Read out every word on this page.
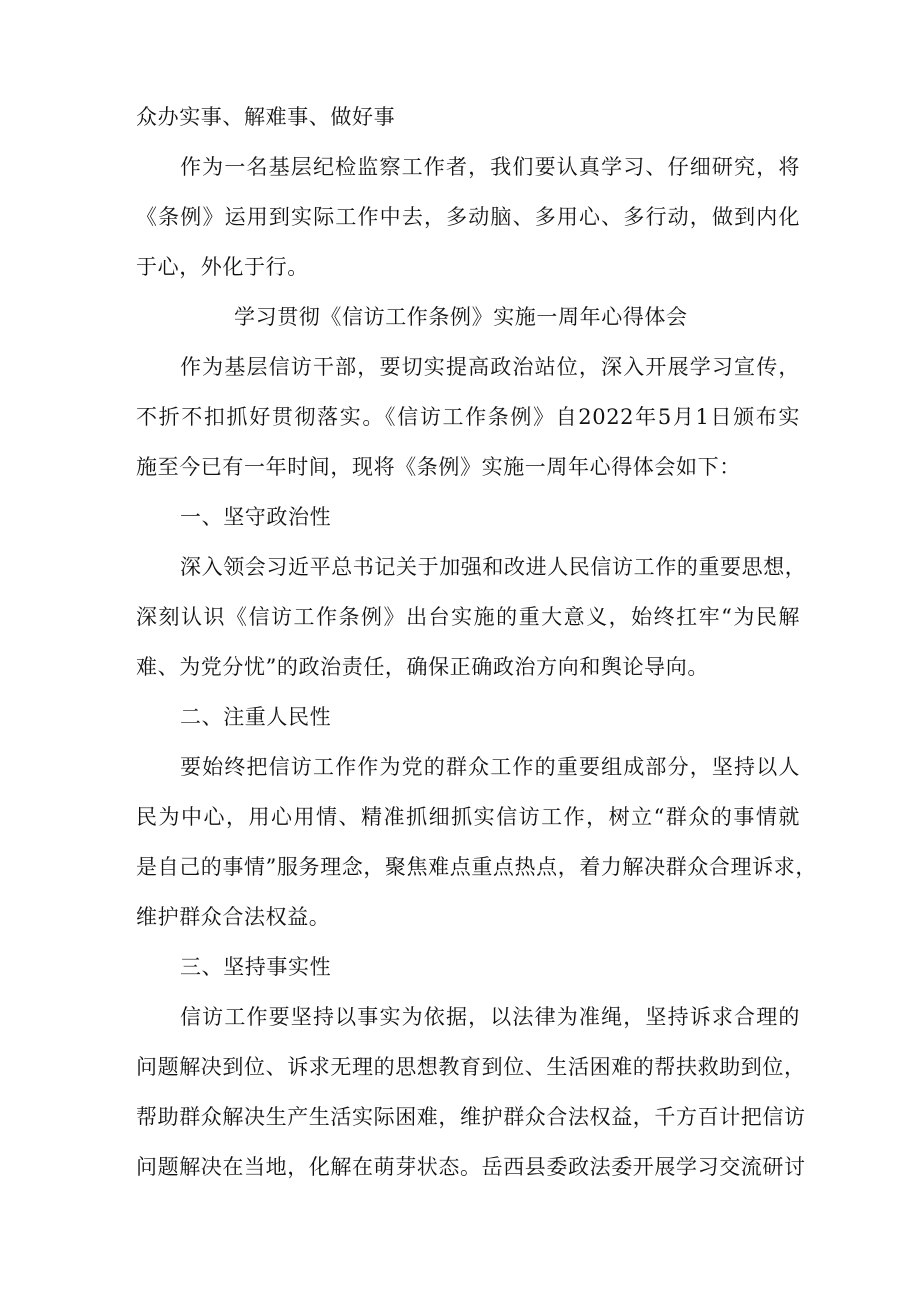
众办实事、解难事、做好事
作为一名基层纪检监察工作者，我们要认真学习、仔细研究，将
《条例》运用到实际工作中去，多动脑、多用心、多行动，做到内化
于心，外化于行。
学习贯彻《信访工作条例》实施一周年心得体会
作为基层信访干部，要切实提高政治站位，深入开展学习宣传，
不折不扣抓好贯彻落实。《信访工作条例》自2022年5月1日颁布实
施至今已有一年时间，现将《条例》实施一周年心得体会如下：
一、坚守政治性
深入领会习近平总书记关于加强和改进人民信访工作的重要思想，
深刻认识《信访工作条例》出台实施的重大意义，始终扛牢“为民解
难、为党分忧”的政治责任，确保正确政治方向和舆论导向。
二、注重人民性
要始终把信访工作作为党的群众工作的重要组成部分，坚持以人
民为中心，用心用情、精准抓细抓实信访工作，树立“群众的事情就
是自己的事情”服务理念，聚焦难点重点热点，着力解决群众合理诉求，
维护群众合法权益。
三、坚持事实性
信访工作要坚持以事实为依据，以法律为准绳，坚持诉求合理的
问题解决到位、诉求无理的思想教育到位、生活困难的帮扶救助到位，
帮助群众解决生产生活实际困难，维护群众合法权益，千方百计把信访
问题解决在当地，化解在萌芽状态。岳西县委政法委开展学习交流研讨
